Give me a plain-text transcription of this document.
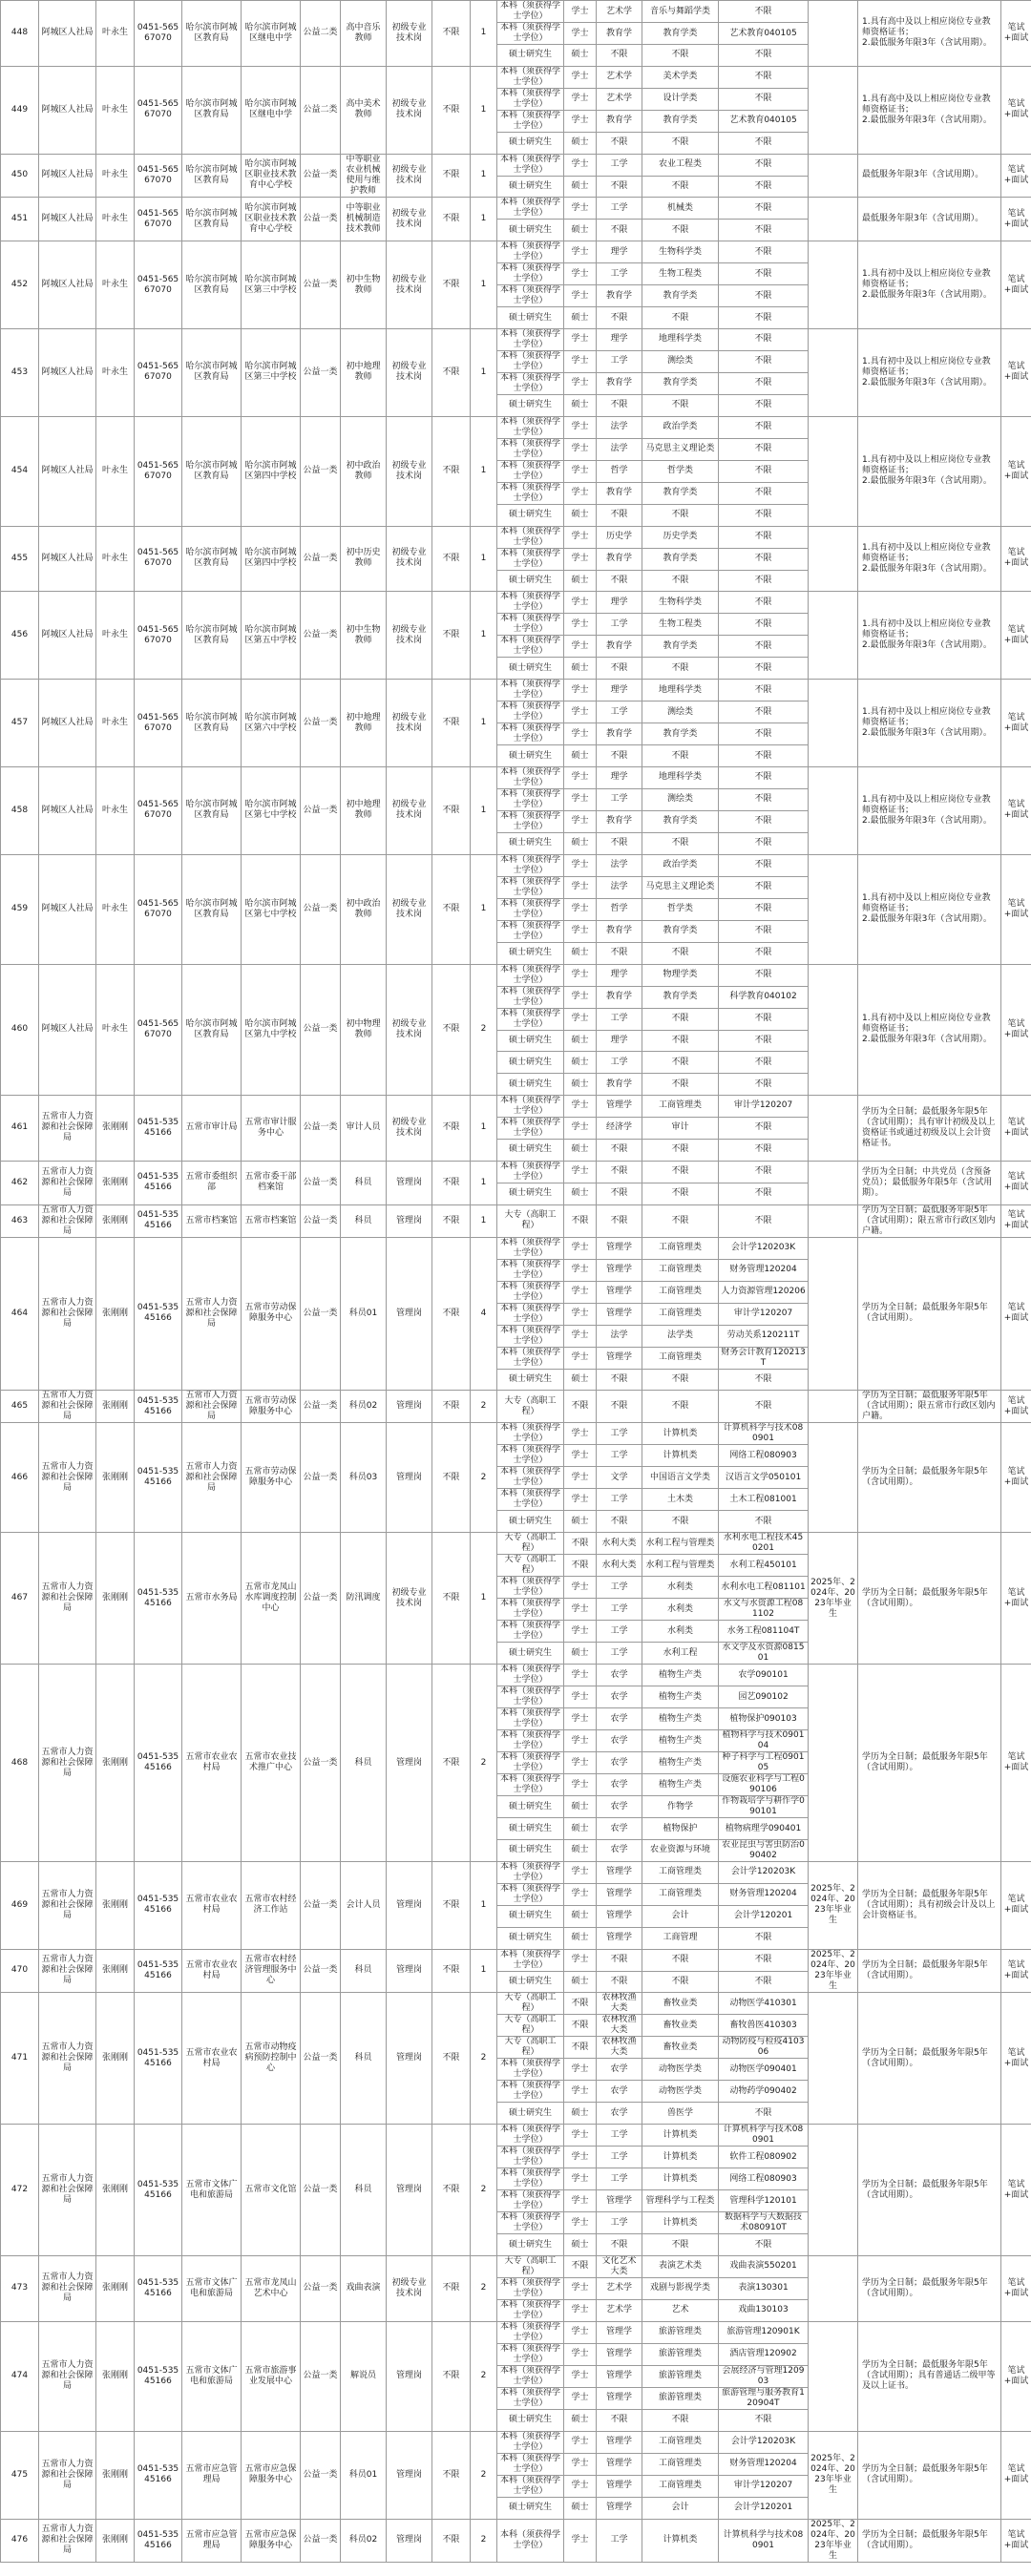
448	阿城区人社局	叶永生	0451-56567070	哈尔滨市阿城区教育局	哈尔滨市阿城区继电中学	公益二类	高中音乐教师	初级专业技术岗	不限	1	本科（须获得学士学位）	学士	艺术学	音乐与舞蹈学类	不限		1.具有高中及以上相应岗位专业教师资格证书；
2.最低服务年限3年（含试用期）。	笔试+面试
											本科（须获得学士学位）	学士	教育学	教育学类	艺术教育040105			
											硕士研究生	硕士	不限	不限	不限			
449	阿城区人社局	叶永生	0451-56567070	哈尔滨市阿城区教育局	哈尔滨市阿城区继电中学	公益二类	高中美术教师	初级专业技术岗	不限	1	本科（须获得学士学位）	学士	艺术学	美术学类	不限		1.具有高中及以上相应岗位专业教师资格证书；
2.最低服务年限3年（含试用期）。	笔试+面试
											本科（须获得学士学位）	学士	艺术学	设计学类	不限			
											本科（须获得学士学位）	学士	教育学	教育学类	艺术教育040105			
											硕士研究生	硕士	不限	不限	不限			
450	阿城区人社局	叶永生	0451-56567070	哈尔滨市阿城区教育局	哈尔滨市阿城区职业技术教育中心学校	公益一类	中等职业农业机械使用与维护教师	初级专业技术岗	不限	1	本科（须获得学士学位）	学士	工学	农业工程类	不限		最低服务年限3年（含试用期）。	笔试+面试
											硕士研究生	硕士	不限	不限	不限			
451	阿城区人社局	叶永生	0451-56567070	哈尔滨市阿城区教育局	哈尔滨市阿城区职业技术教育中心学校	公益一类	中等职业机械制造技术教师	初级专业技术岗	不限	1	本科（须获得学士学位）	学士	工学	机械类	不限		最低服务年限3年（含试用期）。	笔试+面试
											硕士研究生	硕士	不限	不限	不限			
452	阿城区人社局	叶永生	0451-56567070	哈尔滨市阿城区教育局	哈尔滨市阿城区第三中学校	公益一类	初中生物教师	初级专业技术岗	不限	1	本科（须获得学士学位）	学士	理学	生物科学类	不限		1.具有初中及以上相应岗位专业教师资格证书；
2.最低服务年限3年（含试用期）。	笔试+面试
											本科（须获得学士学位）	学士	工学	生物工程类	不限			
											本科（须获得学士学位）	学士	教育学	教育学类	不限			
											硕士研究生	硕士	不限	不限	不限			
453	阿城区人社局	叶永生	0451-56567070	哈尔滨市阿城区教育局	哈尔滨市阿城区第三中学校	公益一类	初中地理教师	初级专业技术岗	不限	1	本科（须获得学士学位）	学士	理学	地理科学类	不限		1.具有初中及以上相应岗位专业教师资格证书；
2.最低服务年限3年（含试用期）。	笔试+面试
											本科（须获得学士学位）	学士	工学	测绘类	不限			
											本科（须获得学士学位）	学士	教育学	教育学类	不限			
											硕士研究生	硕士	不限	不限	不限			
454	阿城区人社局	叶永生	0451-56567070	哈尔滨市阿城区教育局	哈尔滨市阿城区第四中学校	公益一类	初中政治教师	初级专业技术岗	不限	1	本科（须获得学士学位）	学士	法学	政治学类	不限		1.具有初中及以上相应岗位专业教师资格证书；
2.最低服务年限3年（含试用期）。	笔试+面试
											本科（须获得学士学位）	学士	法学	马克思主义理论类	不限			
											本科（须获得学士学位）	学士	哲学	哲学类	不限			
											本科（须获得学士学位）	学士	教育学	教育学类	不限			
											硕士研究生	硕士	不限	不限	不限			
455	阿城区人社局	叶永生	0451-56567070	哈尔滨市阿城区教育局	哈尔滨市阿城区第四中学校	公益一类	初中历史教师	初级专业技术岗	不限	1	本科（须获得学士学位）	学士	历史学	历史学类	不限		1.具有初中及以上相应岗位专业教师资格证书；
2.最低服务年限3年（含试用期）。	笔试+面试
											本科（须获得学士学位）	学士	教育学	教育学类	不限			
											硕士研究生	硕士	不限	不限	不限			
456	阿城区人社局	叶永生	0451-56567070	哈尔滨市阿城区教育局	哈尔滨市阿城区第五中学校	公益一类	初中生物教师	初级专业技术岗	不限	1	本科（须获得学士学位）	学士	理学	生物科学类	不限		1.具有初中及以上相应岗位专业教师资格证书；
2.最低服务年限3年（含试用期）。	笔试+面试
											本科（须获得学士学位）	学士	工学	生物工程类	不限			
											本科（须获得学士学位）	学士	教育学	教育学类	不限			
											硕士研究生	硕士	不限	不限	不限			
457	阿城区人社局	叶永生	0451-56567070	哈尔滨市阿城区教育局	哈尔滨市阿城区第六中学校	公益一类	初中地理教师	初级专业技术岗	不限	1	本科（须获得学士学位）	学士	理学	地理科学类	不限		1.具有初中及以上相应岗位专业教师资格证书；
2.最低服务年限3年（含试用期）。	笔试+面试
											本科（须获得学士学位）	学士	工学	测绘类	不限			
											本科（须获得学士学位）	学士	教育学	教育学类	不限			
											硕士研究生	硕士	不限	不限	不限			
458	阿城区人社局	叶永生	0451-56567070	哈尔滨市阿城区教育局	哈尔滨市阿城区第七中学校	公益一类	初中地理教师	初级专业技术岗	不限	1	本科（须获得学士学位）	学士	理学	地理科学类	不限		1.具有初中及以上相应岗位专业教师资格证书；
2.最低服务年限3年（含试用期）。	笔试+面试
											本科（须获得学士学位）	学士	工学	测绘类	不限			
											本科（须获得学士学位）	学士	教育学	教育学类	不限			
											硕士研究生	硕士	不限	不限	不限			
459	阿城区人社局	叶永生	0451-56567070	哈尔滨市阿城区教育局	哈尔滨市阿城区第七中学校	公益一类	初中政治教师	初级专业技术岗	不限	1	本科（须获得学士学位）	学士	法学	政治学类	不限		1.具有初中及以上相应岗位专业教师资格证书；
2.最低服务年限3年（含试用期）。	笔试+面试
											本科（须获得学士学位）	学士	法学	马克思主义理论类	不限			
											本科（须获得学士学位）	学士	哲学	哲学类	不限			
											本科（须获得学士学位）	学士	教育学	教育学类	不限			
											硕士研究生	硕士	不限	不限	不限			
460	阿城区人社局	叶永生	0451-56567070	哈尔滨市阿城区教育局	哈尔滨市阿城区第九中学校	公益一类	初中物理教师	初级专业技术岗	不限	2	本科（须获得学士学位）	学士	理学	物理学类	不限		1.具有初中及以上相应岗位专业教师资格证书；
2.最低服务年限3年（含试用期）。	笔试+面试
											本科（须获得学士学位）	学士	教育学	教育学类	科学教育040102			
											本科（须获得学士学位）	学士	工学	不限	不限			
											硕士研究生	硕士	理学	不限	不限			
											硕士研究生	硕士	工学	不限	不限			
											硕士研究生	硕士	教育学	不限	不限			
461	五常市人力资源和社会保障局	张刚刚	0451-53545166	五常市审计局	五常市审计服务中心	公益一类	审计人员	初级专业技术岗	不限	1	本科（须获得学士学位）	学士	管理学	工商管理类	审计学120207		学历为全日制；最低服务年限5年（含试用期）；具有审计初级及以上资格证书或通过初级及以上会计资格证书。	笔试+面试
											本科（须获得学士学位）	学士	经济学	审计	不限			
											硕士研究生	硕士	不限	不限	不限			
462	五常市人力资源和社会保障局	张刚刚	0451-53545166	五常市委组织部	五常市委干部档案馆	公益一类	科员	管理岗	不限	1	本科（须获得学士学位）	学士	不限	不限	不限		学历为全日制；中共党员（含预备党员）；最低服务年限5年（含试用期）。	笔试+面试
											硕士研究生	硕士	不限	不限	不限			
463	五常市人力资源和社会保障局	张刚刚	0451-53545166	五常市档案馆	五常市档案馆	公益一类	科员	管理岗	不限	1	大专（高职工程）	不限	不限	不限	不限		学历为全日制；最低服务年限5年（含试用期）；限五常市行政区划内户籍。	笔试+面试
464	五常市人力资源和社会保障局	张刚刚	0451-53545166	五常市人力资源和社会保障局	五常市劳动保障服务中心	公益一类	科员01	管理岗	不限	4	本科（须获得学士学位）	学士	管理学	工商管理类	会计学120203K		学历为全日制；最低服务年限5年（含试用期）。	笔试+面试
											本科（须获得学士学位）	学士	管理学	工商管理类	财务管理120204			
											本科（须获得学士学位）	学士	管理学	工商管理类	人力资源管理120206			
											本科（须获得学士学位）	学士	管理学	工商管理类	审计学120207			
											本科（须获得学士学位）	学士	法学	法学类	劳动关系120211T			
											本科（须获得学士学位）	学士	管理学	工商管理类	财务会计教育120213T			
											硕士研究生	硕士	不限	不限	不限			
465	五常市人力资源和社会保障局	张刚刚	0451-53545166	五常市人力资源和社会保障局	五常市劳动保障服务中心	公益一类	科员02	管理岗	不限	2	大专（高职工程）	不限	不限	不限	不限		学历为全日制；最低服务年限5年（含试用期）；限五常市行政区划内户籍。	笔试+面试
466	五常市人力资源和社会保障局	张刚刚	0451-53545166	五常市人力资源和社会保障局	五常市劳动保障服务中心	公益一类	科员03	管理岗	不限	2	本科（须获得学士学位）	学士	工学	计算机类	计算机科学与技术080901		学历为全日制；最低服务年限5年（含试用期）。	笔试+面试
											本科（须获得学士学位）	学士	工学	计算机类	网络工程080903			
											本科（须获得学士学位）	学士	文学	中国语言文学类	汉语言文学050101			
											本科（须获得学士学位）	学士	工学	土木类	土木工程081001			
											硕士研究生	硕士	不限	不限	不限			
467	五常市人力资源和社会保障局	张刚刚	0451-53545166	五常市水务局	五常市龙凤山水库调度控制中心	公益一类	防汛调度	初级专业技术岗	不限	1	大专（高职工程）	不限	水利大类	水利工程与管理类	水利水电工程技术450201	2025年、2024年、2023年毕业生	学历为全日制；最低服务年限5年（含试用期）。	笔试+面试
											大专（高职工程）	不限	水利大类	水利工程与管理类	水利工程450101			
											本科（须获得学士学位）	学士	工学	水利类	水利水电工程081101			
											本科（须获得学士学位）	学士	工学	水利类	水文与水资源工程081102			
											本科（须获得学士学位）	学士	工学	水利类	水务工程081104T			
											硕士研究生	硕士	工学	水利工程	水文学及水资源081501			
468	五常市人力资源和社会保障局	张刚刚	0451-53545166	五常市农业农村局	五常市农业技术推广中心	公益一类	科员	管理岗	不限	2	本科（须获得学士学位）	学士	农学	植物生产类	农学090101		学历为全日制；最低服务年限5年（含试用期）。	笔试+面试
											本科（须获得学士学位）	学士	农学	植物生产类	园艺090102			
											本科（须获得学士学位）	学士	农学	植物生产类	植物保护090103			
											本科（须获得学士学位）	学士	农学	植物生产类	植物科学与技术090104			
											本科（须获得学士学位）	学士	农学	植物生产类	种子科学与工程090105			
											本科（须获得学士学位）	学士	农学	植物生产类	设施农业科学与工程090106			
											硕士研究生	硕士	农学	作物学	作物栽培学与耕作学090101			
											硕士研究生	硕士	农学	植物保护	植物病理学090401			
											硕士研究生	硕士	农学	农业资源与环境	农业昆虫与害虫防治090402			
469	五常市人力资源和社会保障局	张刚刚	0451-53545166	五常市农业农村局	五常市农村经济工作站	公益一类	会计人员	管理岗	不限	1	本科（须获得学士学位）	学士	管理学	工商管理类	会计学120203K	2025年、2024年、2023年毕业生	学历为全日制；最低服务年限5年（含试用期）；具有初级会计及以上会计资格证书。	笔试+面试
											本科（须获得学士学位）	学士	管理学	工商管理类	财务管理120204			
											硕士研究生	硕士	管理学	会计	会计学120201			
											硕士研究生	硕士	管理学	工商管理	不限			
470	五常市人力资源和社会保障局	张刚刚	0451-53545166	五常市农业农村局	五常市农村经济管理服务中心	公益一类	科员	管理岗	不限	1	本科（须获得学士学位）	学士	不限	不限	不限	2025年、2024年、2023年毕业生	学历为全日制；最低服务年限5年（含试用期）。	笔试+面试
											硕士研究生	硕士	不限	不限	不限			
471	五常市人力资源和社会保障局	张刚刚	0451-53545166	五常市农业农村局	五常市动物疫病预防控制中心	公益一类	科员	管理岗	不限	2	大专（高职工程）	不限	农林牧渔大类	畜牧业类	动物医学410301		学历为全日制；最低服务年限5年（含试用期）。	笔试+面试
											大专（高职工程）	不限	农林牧渔大类	畜牧业类	畜牧兽医410303			
											大专（高职工程）	不限	农林牧渔大类	畜牧业类	动物防疫与检疫410306			
											本科（须获得学士学位）	学士	农学	动物医学类	动物医学090401			
											本科（须获得学士学位）	学士	农学	动物医学类	动物药学090402			
											硕士研究生	硕士	农学	兽医学	不限			
472	五常市人力资源和社会保障局	张刚刚	0451-53545166	五常市文体广电和旅游局	五常市文化馆	公益一类	科员	管理岗	不限	2	本科（须获得学士学位）	学士	工学	计算机类	计算机科学与技术080901		学历为全日制；最低服务年限5年（含试用期）。	笔试+面试
											本科（须获得学士学位）	学士	工学	计算机类	软件工程080902			
											本科（须获得学士学位）	学士	工学	计算机类	网络工程080903			
											本科（须获得学士学位）	学士	管理学	管理科学与工程类	管理科学120101			
											本科（须获得学士学位）	学士	工学	计算机类	数据科学与大数据技术080910T			
											硕士研究生	硕士	不限	不限	不限			
473	五常市人力资源和社会保障局	张刚刚	0451-53545166	五常市文体广电和旅游局	五常市龙凤山艺术中心	公益一类	戏曲表演	初级专业技术岗	不限	2	大专（高职工程）	不限	文化艺术大类	表演艺术类	戏曲表演550201		学历为全日制；最低服务年限5年（含试用期）。	笔试+面试
											本科（须获得学士学位）	学士	艺术学	戏剧与影视学类	表演130301			
											本科（须获得学士学位）	学士	艺术学	艺术	戏曲130103			
474	五常市人力资源和社会保障局	张刚刚	0451-53545166	五常市文体广电和旅游局	五常市旅游事业发展中心	公益一类	解说员	管理岗	不限	2	本科（须获得学士学位）	学士	管理学	旅游管理类	旅游管理120901K		学历为全日制；最低服务年限5年（含试用期）；具有普通话二级甲等及以上证书。	笔试+面试
											本科（须获得学士学位）	学士	管理学	旅游管理类	酒店管理120902			
											本科（须获得学士学位）	学士	管理学	旅游管理类	会展经济与管理120903			
											本科（须获得学士学位）	学士	管理学	旅游管理类	旅游管理与服务教育120904T			
											硕士研究生	硕士	不限	不限	不限			
475	五常市人力资源和社会保障局	张刚刚	0451-53545166	五常市应急管理局	五常市应急保障服务中心	公益一类	科员01	管理岗	不限	2	本科（须获得学士学位）	学士	管理学	工商管理类	会计学120203K	2025年、2024年、2023年毕业生	学历为全日制；最低服务年限5年（含试用期）。	笔试+面试
											本科（须获得学士学位）	学士	管理学	工商管理类	财务管理120204			
											本科（须获得学士学位）	学士	管理学	工商管理类	审计学120207			
											硕士研究生	硕士	管理学	会计	会计学120201			
476	五常市人力资源和社会保障局	张刚刚	0451-53545166	五常市应急管理局	五常市应急保障服务中心	公益一类	科员02	管理岗	不限	2	本科（须获得学士学位）	学士	工学	计算机类	计算机科学与技术080901	2025年、2024年、2023年毕业生	学历为全日制；最低服务年限5年（含试用期）。	笔试+面试
